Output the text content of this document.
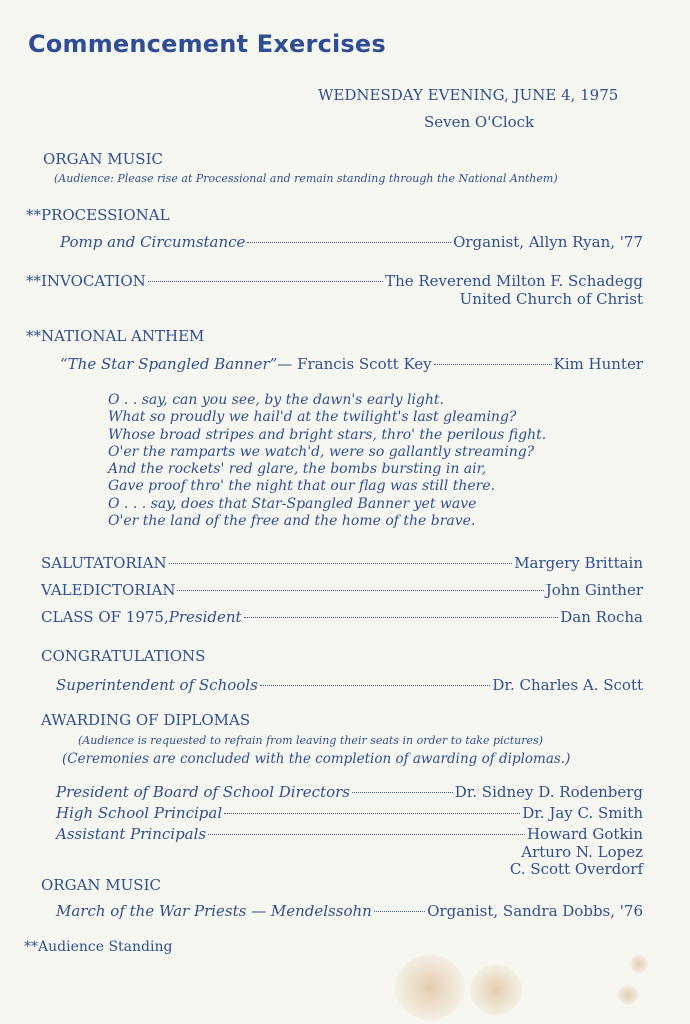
Commencement Exercises
WEDNESDAY EVENING, JUNE 4, 1975
Seven O'Clock
ORGAN MUSIC
(Audience: Please rise at Processional and remain standing through the National Anthem)
**PROCESSIONAL
Pomp and Circumstance	Organist, Allyn Ryan, '77
**INVOCATION	The Reverend Milton F. Schadegg
United Church of Christ
**NATIONAL ANTHEM
“The Star Spangled Banner” — Francis Scott Key	Kim Hunter
O . . say, can you see, by the dawn's early light.
What so proudly we hail'd at the twilight's last gleaming?
Whose broad stripes and bright stars, thro' the perilous fight.
O'er the ramparts we watch'd, were so gallantly streaming?
And the rockets' red glare, the bombs bursting in air,
Gave proof thro' the night that our flag was still there.
O . . . say, does that Star-Spangled Banner yet wave
O'er the land of the free and the home of the brave.
SALUTATORIAN	Margery Brittain
VALEDICTORIAN	John Ginther
CLASS OF 1975, President	Dan Rocha
CONGRATULATIONS
Superintendent of Schools	Dr. Charles A. Scott
AWARDING OF DIPLOMAS
(Audience is requested to refrain from leaving their seats in order to take pictures)
(Ceremonies are concluded with the completion of awarding of diplomas.)
President of Board of School Directors	Dr. Sidney D. Rodenberg
High School Principal	Dr. Jay C. Smith
Assistant Principals	Howard Gotkin
Arturo N. Lopez
C. Scott Overdorf
ORGAN MUSIC
March of the War Priests — Mendelssohn	Organist, Sandra Dobbs, '76
**Audience Standing
